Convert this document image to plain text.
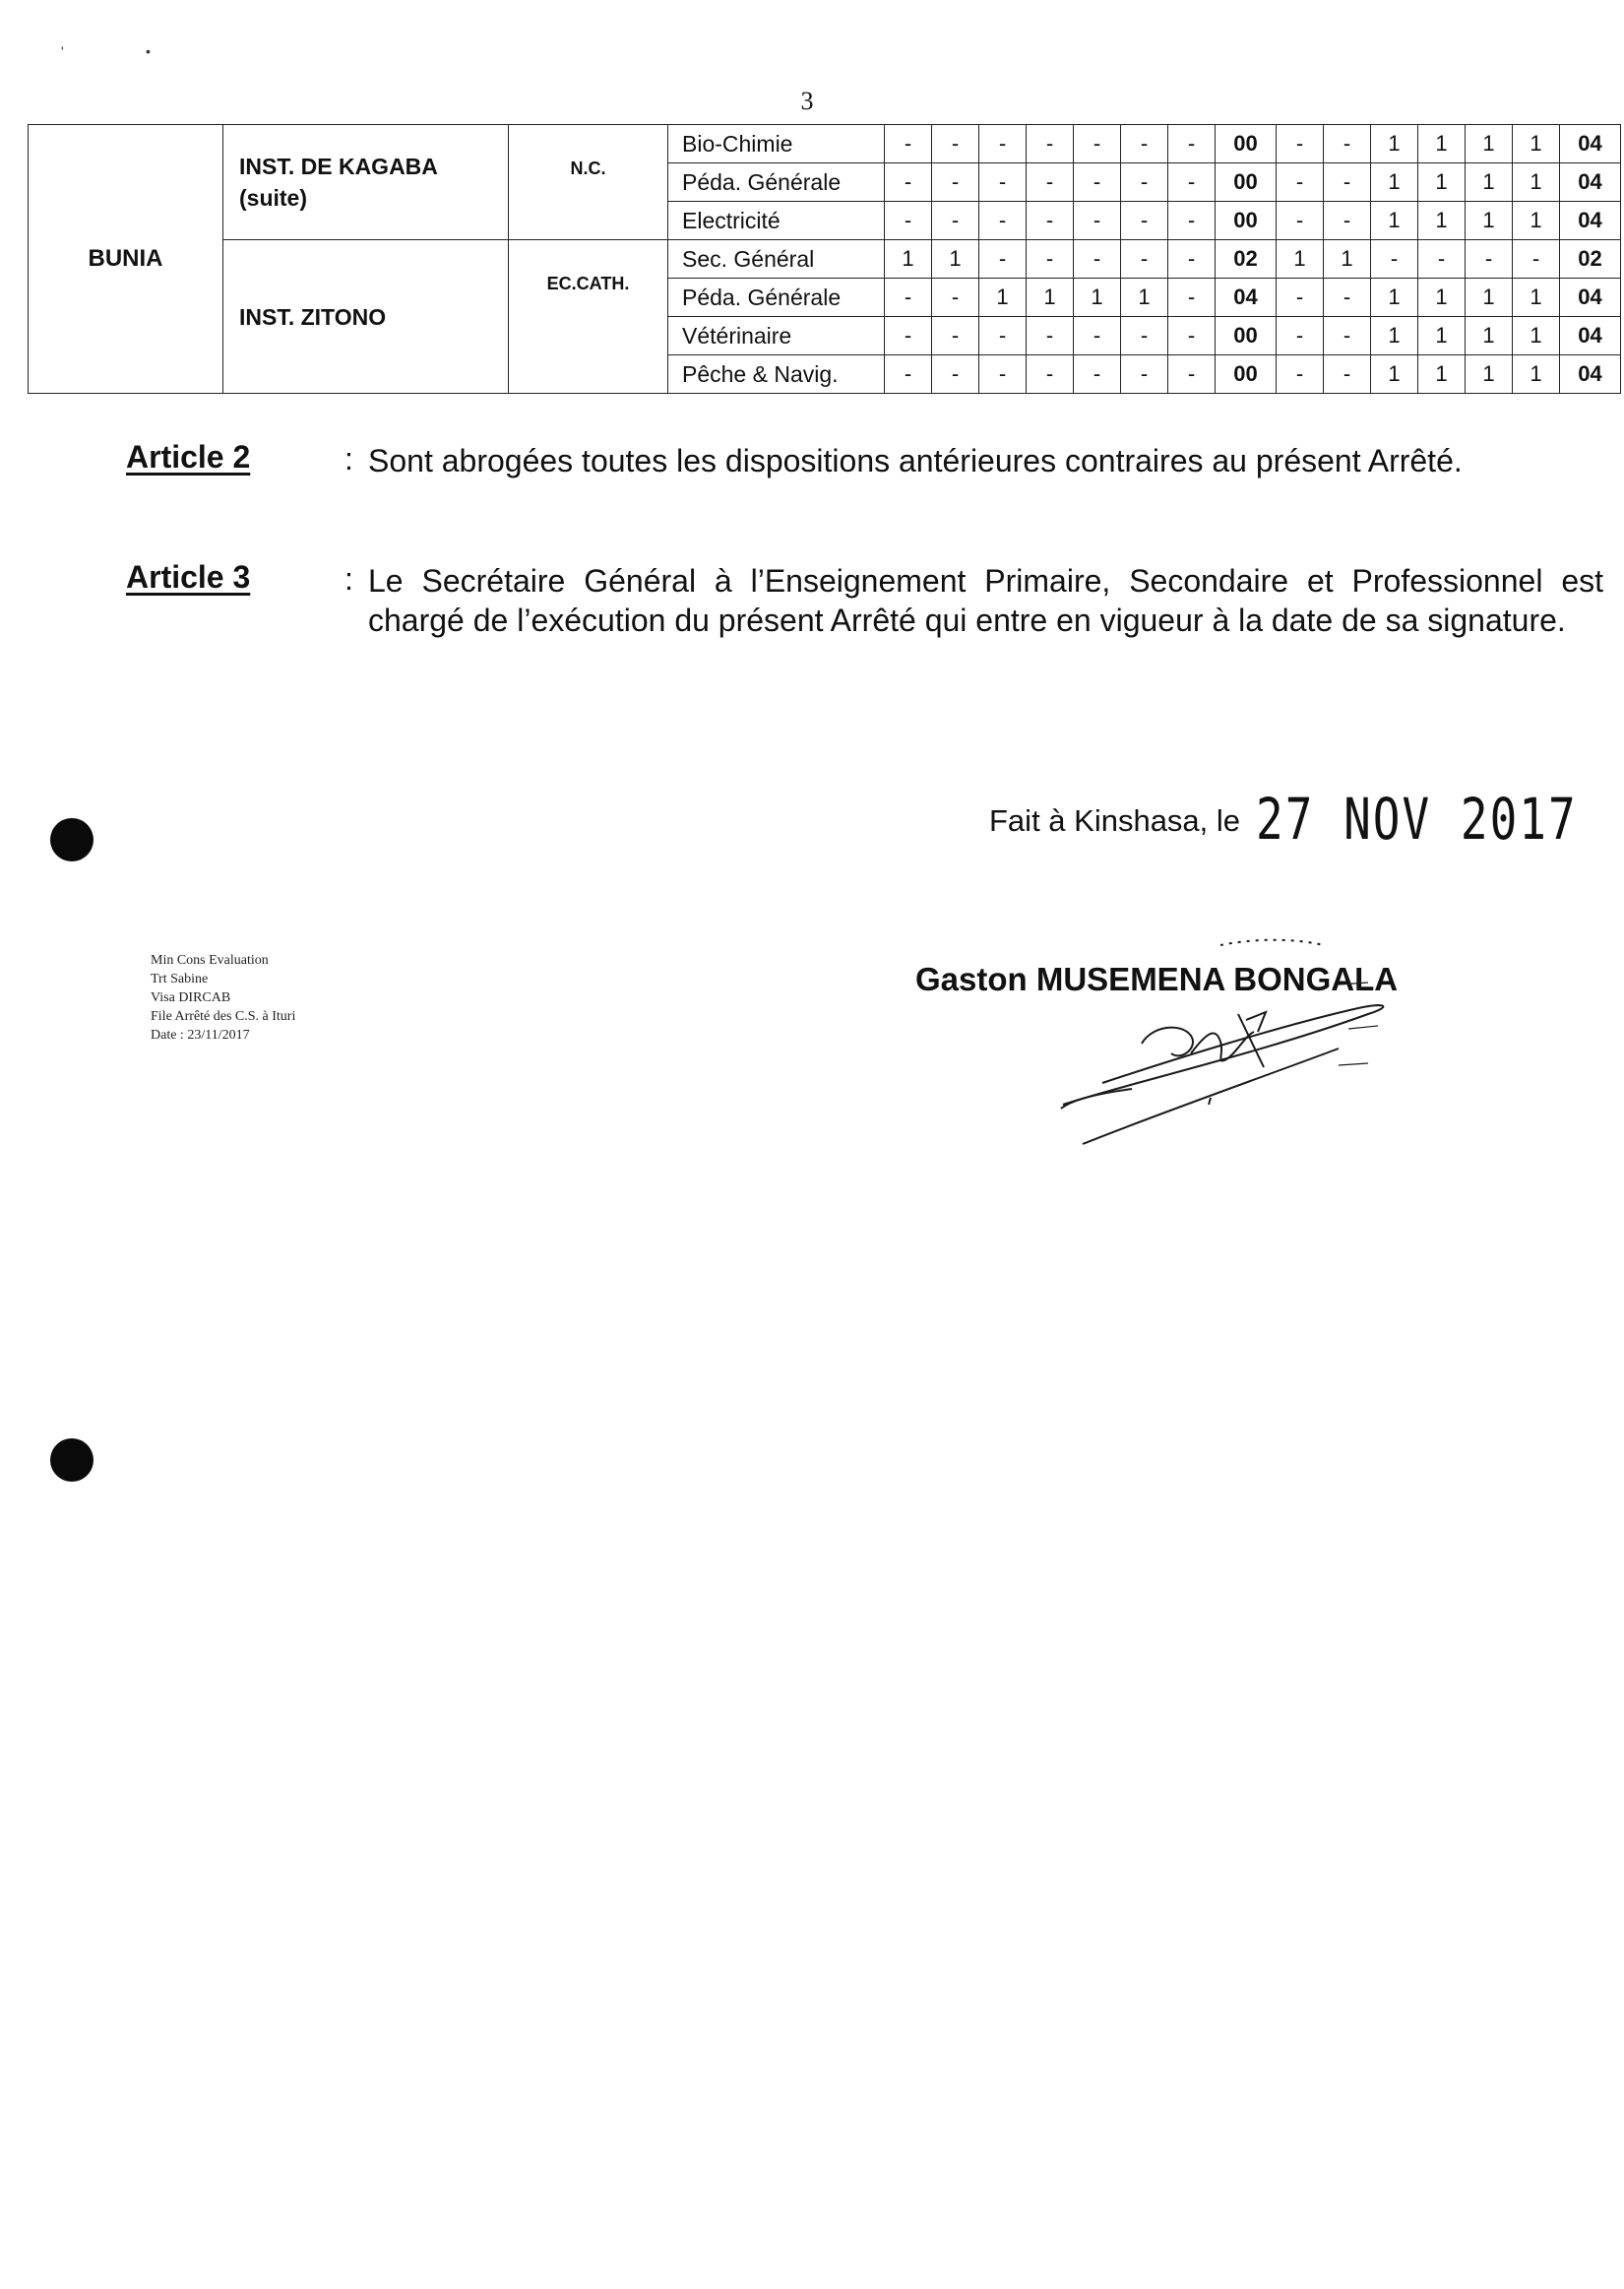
3
'	•
BUNIA	INST. DE KAGABA (suite)	N.C.	Bio-Chimie	-	-	-	-	-	-	-	00	-	-	1	1	1	1	04
			Péda. Générale	-	-	-	-	-	-	-	00	-	-	1	1	1	1	04
			Electricité	-	-	-	-	-	-	-	00	-	-	1	1	1	1	04
	INST. ZITONO	EC.CATH.	Sec. Général	1	1	-	-	-	-	-	02	1	1	-	-	-	-	02
			Péda. Générale	-	-	1	1	1	1	-	04	-	-	1	1	1	1	04
			Vétérinaire	-	-	-	-	-	-	-	00	-	-	1	1	1	1	04
			Pêche & Navig.	-	-	-	-	-	-	-	00	-	-	1	1	1	1	04
Article 2	: Sont abrogées toutes les dispositions antérieures contraires au présent Arrêté.
Article 3	: Le Secrétaire Général à l’Enseignement Primaire, Secondaire et Professionnel est chargé de l’exécution du présent Arrêté qui entre en vigueur à la date de sa signature.
Fait à Kinshasa, le 27 NOV 2017
Min Cons Evaluation
Trt Sabine
Visa DIRCAB
File Arrêté des C.S. à Ituri
Date : 23/11/2017
Gaston MUSEMENA BONGALA
